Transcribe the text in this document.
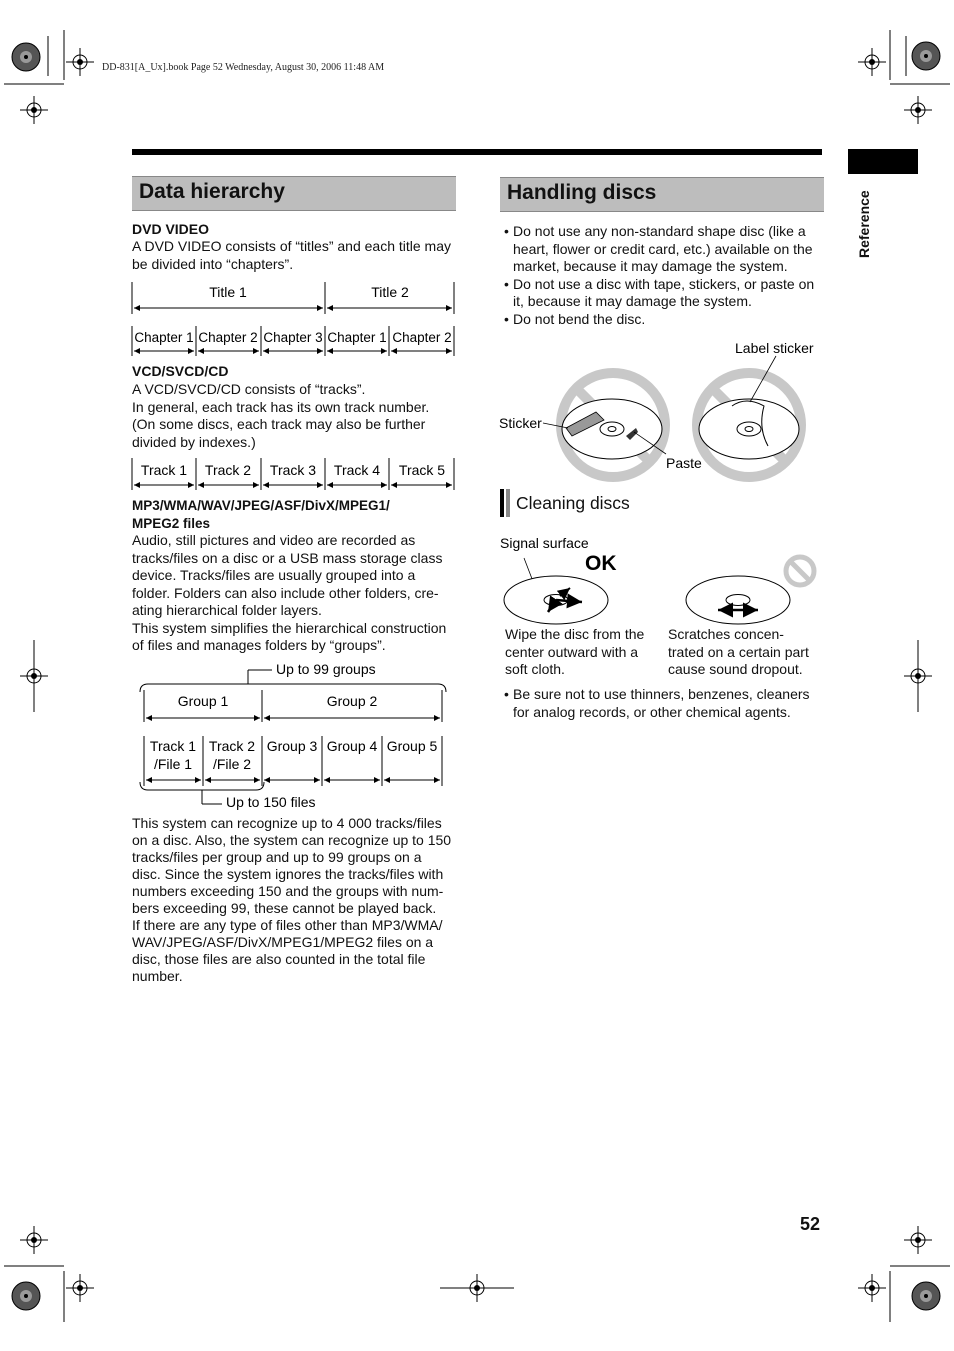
DD-831[A_Ux].book Page 52 Wednesday, August 30, 2006 11:48 AM
Reference
Data hierarchy
DVD VIDEO
A DVD VIDEO consists of “titles” and each title may be divided into “chapters”.
Title 1	Title 2
Chapter 1 Chapter 2 Chapter 3 Chapter 1 Chapter 2
VCD/SVCD/CD
A VCD/SVCD/CD consists of “tracks”.
In general, each track has its own track number. (On some discs, each track may also be further divided by indexes.)
Track 1 Track 2 Track 3 Track 4 Track 5
MP3/WMA/WAV/JPEG/ASF/DivX/MPEG1/
MPEG2 files
Audio, still pictures and video are recorded as tracks/files on a disc or a USB mass storage class device. Tracks/files are usually grouped into a folder. Folders can also include other folders, cre-ating hierarchical folder layers.
This system simplifies the hierarchical construction of files and manages folders by “groups”.
Up to 99 groups
Group 1	Group 2
Track 1
/File 1
Track 2
/File 2
Group 3 Group 4 Group 5
Up to 150 files
This system can recognize up to 4 000 tracks/files on a disc. Also, the system can recognize up to 150 tracks/files per group and up to 99 groups on a disc. Since the system ignores the tracks/files with numbers exceeding 150 and the groups with num-bers exceeding 99, these cannot be played back.
If there are any type of files other than MP3/WMA/ WAV/JPEG/ASF/DivX/MPEG1/MPEG2 files on a disc, those files are also counted in the total file number.
Handling discs
• Do not use any non-standard shape disc (like a heart, flower or credit card, etc.) available on the market, because it may damage the system.
• Do not use a disc with tape, stickers, or paste on it, because it may damage the system.
• Do not bend the disc.
Label sticker
Sticker
Paste
Cleaning discs
Signal surface
OK
Wipe the disc from the center outward with a soft cloth.
Scratches concen-trated on a certain part cause sound dropout.
• Be sure not to use thinners, benzenes, cleaners for analog records, or other chemical agents.
52
